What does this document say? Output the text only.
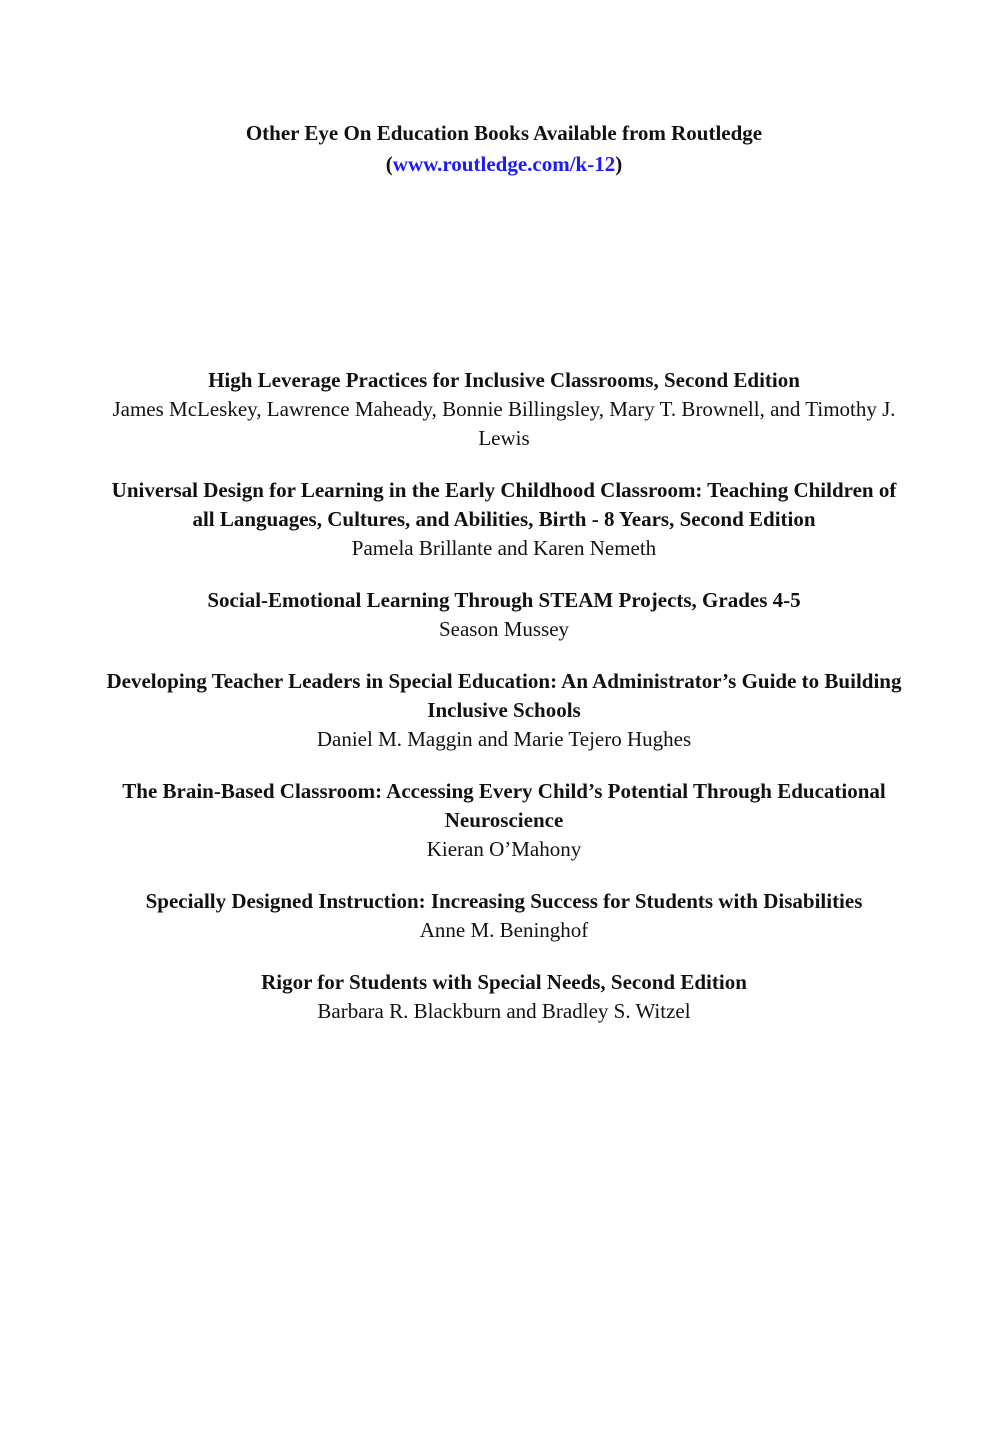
Other Eye On Education Books Available from Routledge
(www.routledge.com/k-12)
High Leverage Practices for Inclusive Classrooms, Second Edition
James McLeskey, Lawrence Maheady, Bonnie Billingsley, Mary T. Brownell, and Timothy J. Lewis
Universal Design for Learning in the Early Childhood Classroom: Teaching Children of all Languages, Cultures, and Abilities, Birth - 8 Years, Second Edition
Pamela Brillante and Karen Nemeth
Social-Emotional Learning Through STEAM Projects, Grades 4-5
Season Mussey
Developing Teacher Leaders in Special Education: An Administrator’s Guide to Building Inclusive Schools
Daniel M. Maggin and Marie Tejero Hughes
The Brain-Based Classroom: Accessing Every Child’s Potential Through Educational Neuroscience
Kieran O’Mahony
Specially Designed Instruction: Increasing Success for Students with Disabilities
Anne M. Beninghof
Rigor for Students with Special Needs, Second Edition
Barbara R. Blackburn and Bradley S. Witzel
